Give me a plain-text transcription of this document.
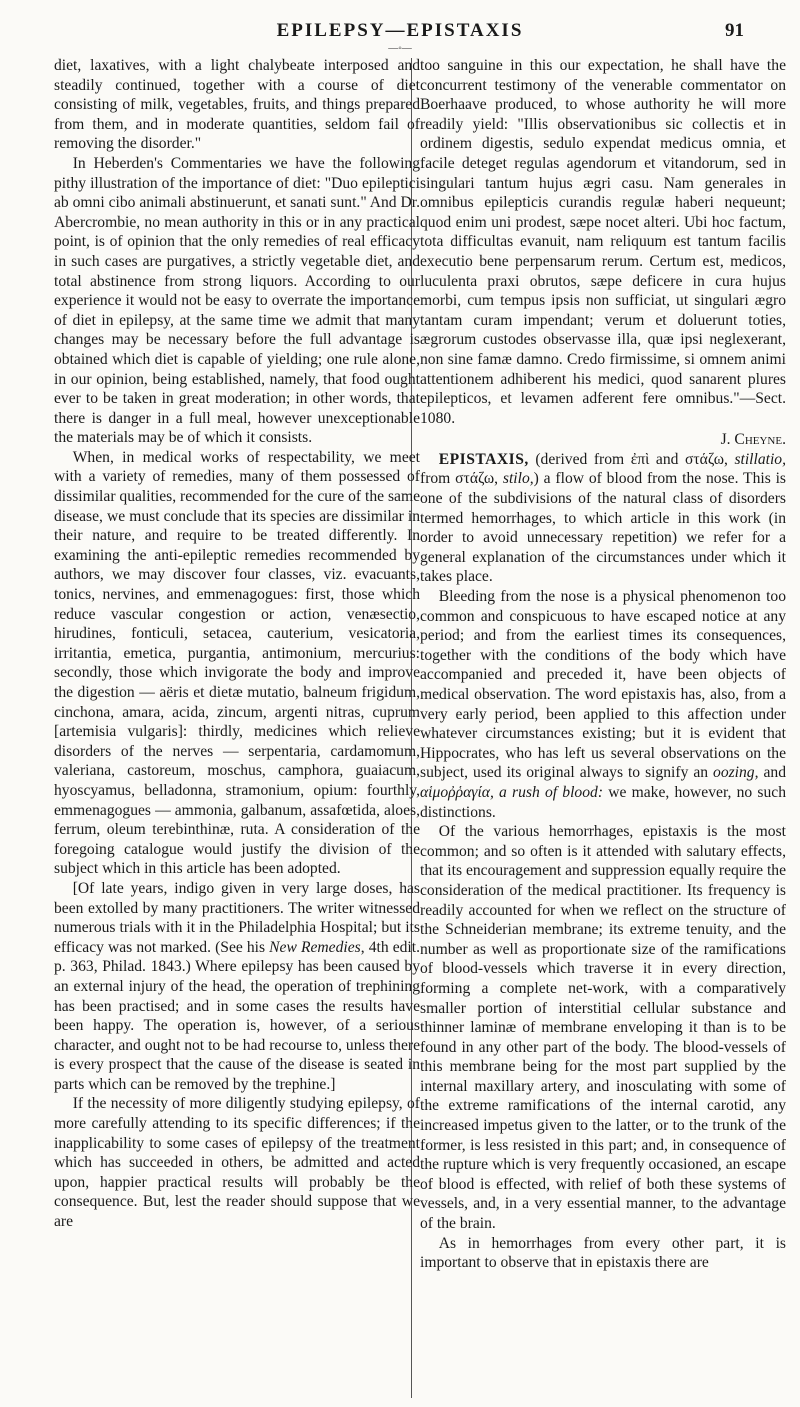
EPILEPSY—EPISTAXIS	91
—◦—

diet, laxatives, with a light chalybeate interposed and steadily continued, together with a course of diet consisting of milk, vegetables, fruits, and things prepared from them, and in moderate quantities, seldom fail of removing the disorder."

In Heberden's Commentaries we have the following pithy illustration of the importance of diet: "Duo epileptici ab omni cibo animali abstinuerunt, et sanati sunt." And Dr. Abercrombie, no mean authority in this or in any practical point, is of opinion that the only remedies of real efficacy in such cases are purgatives, a strictly vegetable diet, and total abstinence from strong liquors. According to our experience it would not be easy to overrate the importance of diet in epilepsy, at the same time we admit that many changes may be necessary before the full advantage is obtained which diet is capable of yielding; one rule alone, in our opinion, being established, namely, that food ought ever to be taken in great moderation; in other words, that there is danger in a full meal, however unexceptionable the materials may be of which it consists.

When, in medical works of respectability, we meet with a variety of remedies, many of them possessed of dissimilar qualities, recommended for the cure of the same disease, we must conclude that its species are dissimilar in their nature, and require to be treated differently. In examining the anti-epileptic remedies recommended by authors, we may discover four classes, viz. evacuants, tonics, nervines, and emmenagogues: first, those which reduce vascular congestion or action, venæsectio, hirudines, fonticuli, setacea, cauterium, vesicatoria, irritantia, emetica, purgantia, antimonium, mercurius: secondly, those which invigorate the body and improve the digestion — aëris et dietæ mutatio, balneum frigidum, cinchona, amara, acida, zincum, argenti nitras, cuprum [artemisia vulgaris]: thirdly, medicines which relieve disorders of the nerves — serpentaria, cardamomum, valeriana, castoreum, moschus, camphora, guaiacum, hyoscyamus, belladonna, stramonium, opium: fourthly, emmenagogues — ammonia, galbanum, assafœtida, aloes, ferrum, oleum terebinthinæ, ruta. A consideration of the foregoing catalogue would justify the division of the subject which in this article has been adopted.

[Of late years, indigo given in very large doses, has been extolled by many practitioners. The writer witnessed numerous trials with it in the Philadelphia Hospital; but its efficacy was not marked. (See his New Remedies, 4th edit. p. 363, Philad. 1843.) Where epilepsy has been caused by an external injury of the head, the operation of trephining has been practised; and in some cases the results have been happy. The operation is, however, of a serious character, and ought not to be had recourse to, unless there is every prospect that the cause of the disease is seated in parts which can be removed by the trephine.]

If the necessity of more diligently studying epilepsy, of more carefully attending to its specific differences; if the inapplicability to some cases of epilepsy of the treatment which has succeeded in others, be admitted and acted upon, happier practical results will probably be the consequence. But, lest the reader should suppose that we are

too sanguine in this our expectation, he shall have the concurrent testimony of the venerable commentator on Boerhaave produced, to whose authority he will more readily yield: "Illis observationibus sic collectis et in ordinem digestis, sedulo expendat medicus omnia, et facile deteget regulas agendorum et vitandorum, sed in singulari tantum hujus ægri casu. Nam generales in omnibus epilepticis curandis regulæ haberi nequeunt; quod enim uni prodest, sæpe nocet alteri. Ubi hoc factum, tota difficultas evanuit, nam reliquum est tantum facilis executio bene perpensarum rerum. Certum est, medicos, luculenta praxi obrutos, sæpe deficere in cura hujus morbi, cum tempus ipsis non sufficiat, ut singulari ægro tantam curam impendant; verum et doluerunt toties, ægrorum custodes observasse illa, quæ ipsi neglexerant, non sine famæ damno. Credo firmissime, si omnem animi attentionem adhiberent his medici, quod sanarent plures epilepticos, et levamen adferent fere omnibus."—Sect. 1080.

J. Cheyne.

EPISTAXIS, (derived from ἐπὶ and στάζω, stillatio, from στάζω, stilo,) a flow of blood from the nose. This is one of the subdivisions of the natural class of disorders termed hemorrhages, to which article in this work (in order to avoid unnecessary repetition) we refer for a general explanation of the circumstances under which it takes place.

Bleeding from the nose is a physical phenomenon too common and conspicuous to have escaped notice at any period; and from the earliest times its consequences, together with the conditions of the body which have accompanied and preceded it, have been objects of medical observation. The word epistaxis has, also, from a very early period, been applied to this affection under whatever circumstances existing; but it is evident that Hippocrates, who has left us several observations on the subject, used its original always to signify an oozing, and αἱμοῤῥαγία, a rush of blood: we make, however, no such distinctions.

Of the various hemorrhages, epistaxis is the most common; and so often is it attended with salutary effects, that its encouragement and suppression equally require the consideration of the medical practitioner. Its frequency is readily accounted for when we reflect on the structure of the Schneiderian membrane; its extreme tenuity, and the number as well as proportionate size of the ramifications of blood-vessels which traverse it in every direction, forming a complete net-work, with a comparatively smaller portion of interstitial cellular substance and thinner laminæ of membrane enveloping it than is to be found in any other part of the body. The blood-vessels of this membrane being for the most part supplied by the internal maxillary artery, and inosculating with some of the extreme ramifications of the internal carotid, any increased impetus given to the latter, or to the trunk of the former, is less resisted in this part; and, in consequence of the rupture which is very frequently occasioned, an escape of blood is effected, with relief of both these systems of vessels, and, in a very essential manner, to the advantage of the brain.

As in hemorrhages from every other part, it is important to observe that in epistaxis there are
